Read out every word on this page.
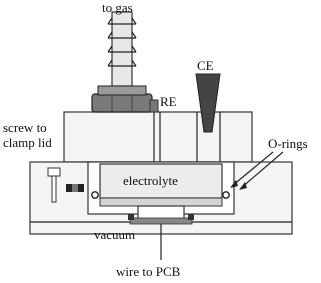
electrolyte
to gas
RE
CE
screw to
clamp lid	O-rings
vacuum
wire to PCB
